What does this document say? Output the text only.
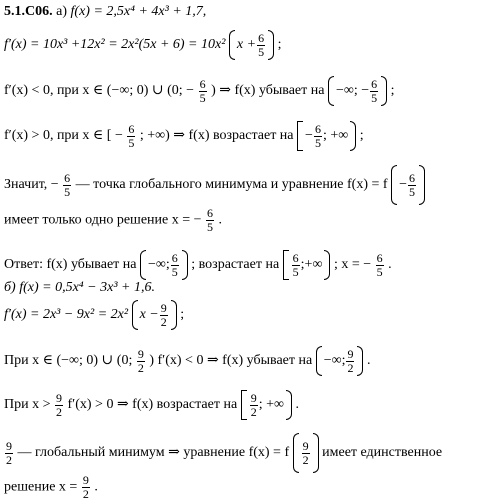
5.1.С06. а) f(x) = 2,5x⁴ + 4x³ + 1,7,
f′(x) = 10x³ +12x² = 2x²(5x + 6) = 10x² $x + \frac{6}{5}$ ;
f′(x) < 0, при x ∈ (−∞; 0) ∪ (0; − $\frac{6}{5}$ ) ⇒ f(x) убывает на −∞; − $\frac{6}{5}$ ;
f′(x) > 0, при x ∈ [ − $\frac{6}{5}$ ; +∞) ⇒ f(x) возрастает на − $\frac{6}{5}$ ; +∞ ;
Значит, − $\frac{6}{5}$ — точка глобального минимума и уравнение $f(x) = f - \frac{6}{5}$
имеет только одно решение x = − $\frac{6}{5}$ .
Ответ: f(x) убывает на −∞; $\frac{6}{5}$ ; возрастает на $\frac{6}{5}$ ;+∞ ; x = − $\frac{6}{5}$ .
б) f(x) = 0,5x⁴ − 3x³ + 1,6.
f′(x) = 2x³ − 9x² = 2x² $x - \frac{9}{2}$ ;
При x ∈ (−∞; 0) ∪ (0; $\frac{9}{2}$ ) f′(x) < 0 ⇒ f(x) убывает на −∞; $\frac{9}{2}$ .
При $x > \frac{9}{2} f'(x) > 0$ ⇒ f(x) возрастает на $\frac{9}{2}$ ; +∞ .
$\frac{9}{2}$ — глобальный минимум ⇒ уравнение f(x) = f $\frac{9}{2}$ имеет единственное
решение $x = \frac{9}{2}$ .
